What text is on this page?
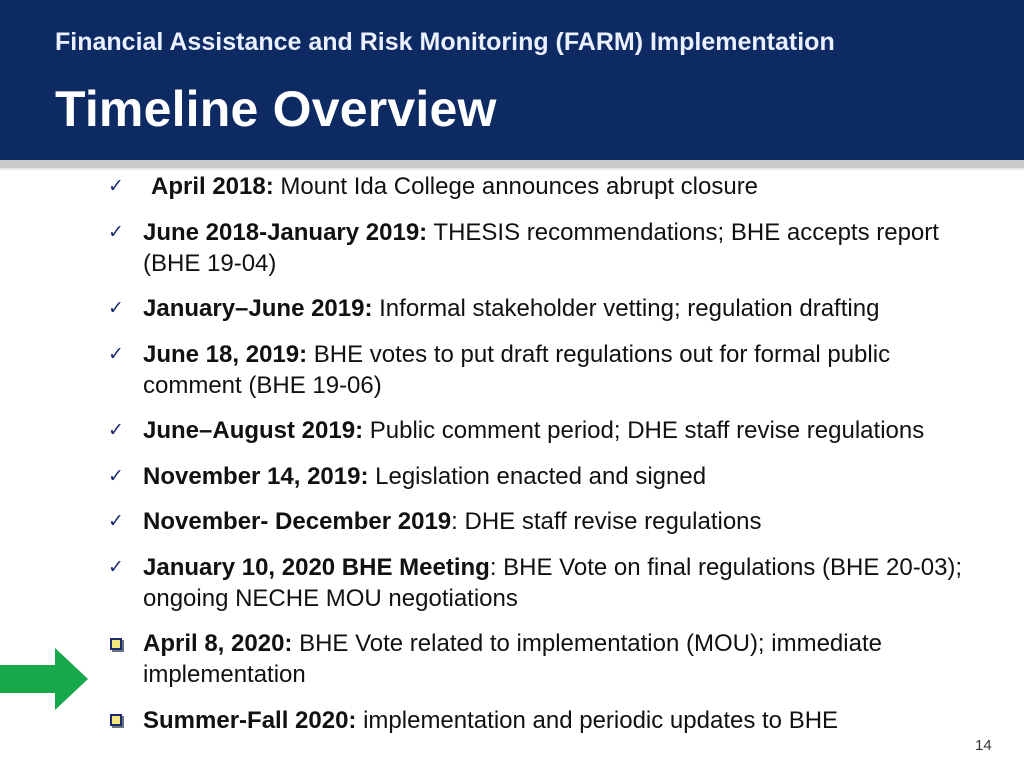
Financial Assistance and Risk Monitoring (FARM) Implementation
Timeline Overview
✓ April 2018: Mount Ida College announces abrupt closure
✓ June 2018-January 2019: THESIS recommendations; BHE accepts report (BHE 19-04)
✓ January–June 2019: Informal stakeholder vetting; regulation drafting
✓ June 18, 2019: BHE votes to put draft regulations out for formal public comment (BHE 19-06)
✓ June–August 2019: Public comment period; DHE staff revise regulations
✓ November 14, 2019: Legislation enacted and signed
✓ November- December 2019: DHE staff revise regulations
✓ January 10, 2020 BHE Meeting: BHE Vote on final regulations (BHE 20-03); ongoing NECHE MOU negotiations
April 8, 2020: BHE Vote related to implementation (MOU); immediate implementation
Summer-Fall 2020: implementation and periodic updates to BHE
14
